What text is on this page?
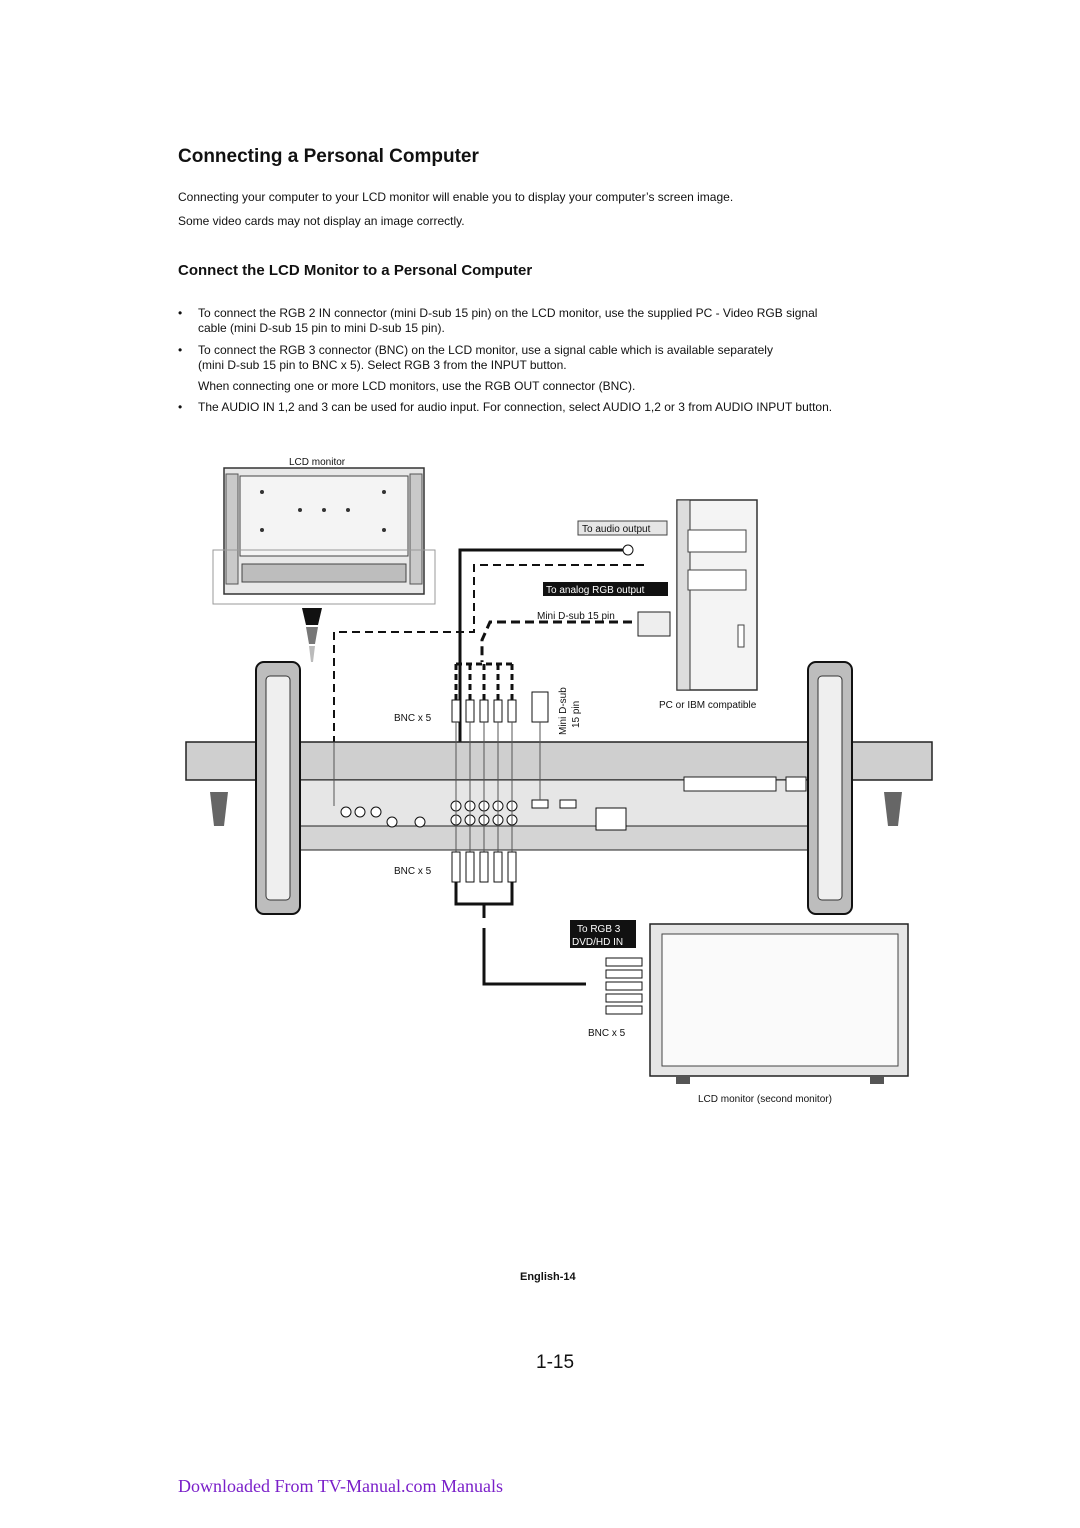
Connecting a Personal Computer

Connecting your computer to your LCD monitor will enable you to display your computer’s screen image.

Some video cards may not display an image correctly.

Connect the LCD Monitor to a Personal Computer
• To connect the RGB 2 IN connector (mini D-sub 15 pin) on the LCD monitor, use the supplied PC - Video RGB signal
cable (mini D-sub 15 pin to mini D-sub 15 pin).
• To connect the RGB 3 connector (BNC) on the LCD monitor, use a signal cable which is available separately
(mini D-sub 15 pin to BNC x 5). Select RGB 3 from the INPUT button.
When connecting one or more LCD monitors, use the RGB OUT connector (BNC).
• The AUDIO IN 1,2 and 3 can be used for audio input. For connection, select AUDIO 1,2 or 3 from AUDIO INPUT button.
LCD monitor
PC or IBM compatible
To audio output
To analog RGB output
Mini D-sub 15 pin
BNC x 5	Mini D-sub 15 pin
BNC x 5
To RGB 3
DVD/HD IN
BNC x 5
LCD monitor (second monitor)
English-14
1-15
Downloaded From TV-Manual.com Manuals
